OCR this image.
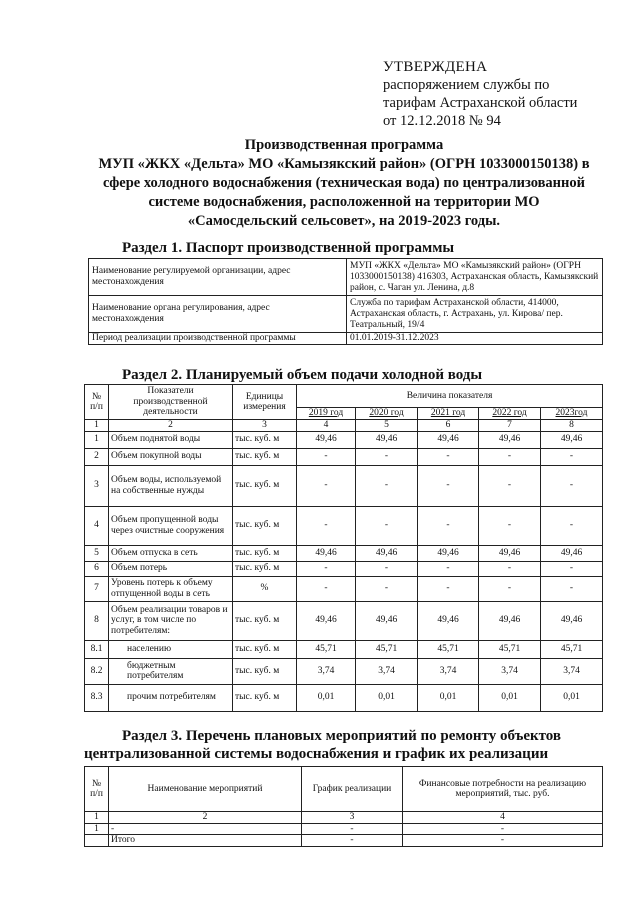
УТВЕРЖДЕНА
распоряжением службы по
тарифам Астраханской области
от 12.12.2018 № 94
Производственная программа
МУП «ЖКХ «Дельта» МО «Камызякский район» (ОГРН 1033000150138) в
сфере холодного водоснабжения (техническая вода) по централизованной
системе водоснабжения, расположенной на территории МО
«Самосдельский сельсовет», на 2019-2023 годы.
Раздел 1. Паспорт производственной программы
Наименование регулируемой организации, адрес местонахождения	МУП «ЖКХ «Дельта» МО «Камызякский район» (ОГРН 1033000150138) 416303, Астраханская область, Камызякский район, с. Чаган ул. Ленина, д.8
Наименование органа регулирования, адрес местонахождения	Служба по тарифам Астраханской области, 414000, Астраханская область, г. Астрахань, ул. Кирова/ пер. Театральный, 19/4
Период реализации производственной программы	01.01.2019-31.12.2023
Раздел 2. Планируемый объем подачи холодной воды
№ п/п	Показатели производственной деятельности	Единицы измерения	Величина показателя				
			2019 год	2020 год	2021 год	2022 год	2023год
1	2	3	4	5	6	7	8
1	Объем поднятой воды	тыс. куб. м	49,46	49,46	49,46	49,46	49,46
2	Объем покупной воды	тыс. куб. м	-	-	-	-	-
3	Объем воды, используемой на собственные нужды	тыс. куб. м	-	-	-	-	-
4	Объем пропущенной воды через очистные сооружения	тыс. куб. м	-	-	-	-	-
5	Объем отпуска в сеть	тыс. куб. м	49,46	49,46	49,46	49,46	49,46
6	Объем потерь	тыс. куб. м	-	-	-	-	-
7	Уровень потерь к объему отпущенной воды в сеть	%	-	-	-	-	-
8	Объем реализации товаров и услуг, в том числе по потребителям:	тыс. куб. м	49,46	49,46	49,46	49,46	49,46
8.1	населению	тыс. куб. м	45,71	45,71	45,71	45,71	45,71
8.2	бюджетным потребителям	тыс. куб. м	3,74	3,74	3,74	3,74	3,74
8.3	прочим потребителям	тыс. куб. м	0,01	0,01	0,01	0,01	0,01
Раздел 3. Перечень плановых мероприятий по ремонту объектов
централизованной системы водоснабжения и график их реализации
№ п/п	Наименование мероприятий	График реализации	Финансовые потребности на реализацию мероприятий, тыс. руб.
1	2	3	4
1	-	-	-
	Итого	-	-
